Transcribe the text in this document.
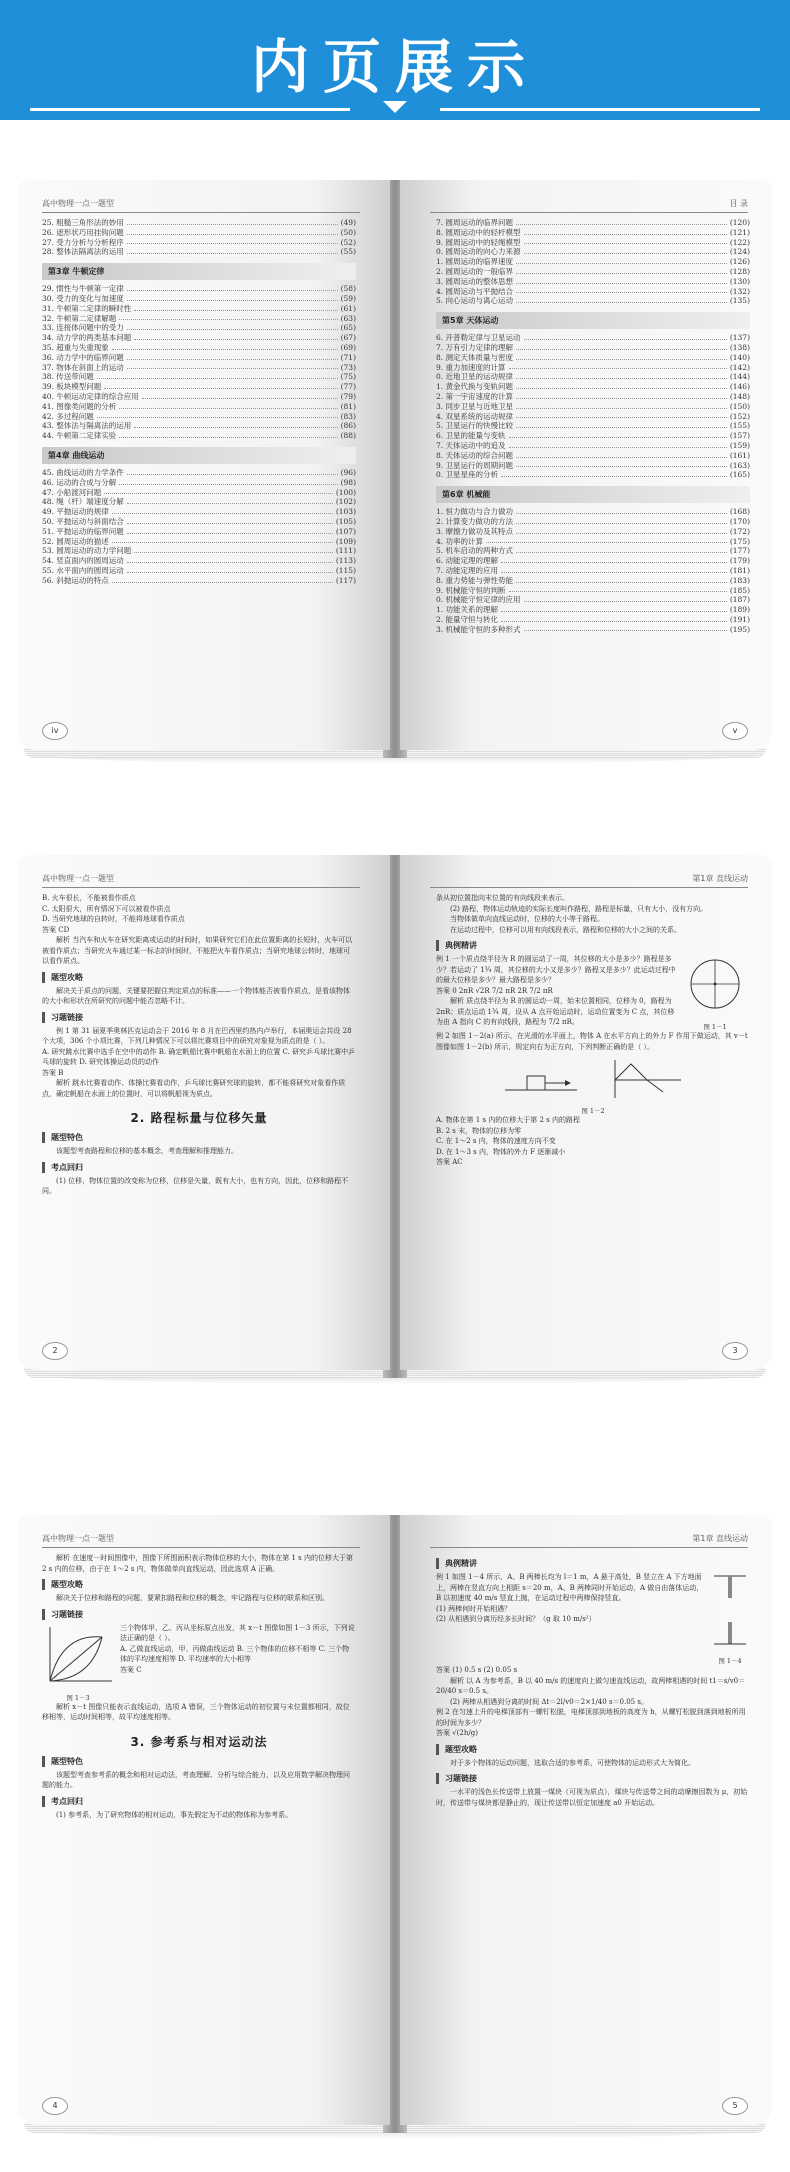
内页展示
高中物理一点一题型
25. 粗糙三角形法的妙用	(49)
26. 遮形状巧用挂钩问题	(50)
27. 受力分析与分析程序	(52)
28. 整体法隔离法的运用	(55)
第3章 牛顿定律
29. 惯性与牛顿第一定律	(58)
30. 受力的变化与加速度	(59)
31. 牛顿第二定律的瞬时性	(61)
32. 牛顿第二定律解题	(63)
33. 连接体问题中的受力	(65)
34. 动力学的两类基本问题	(67)
35. 超重与失重现象	(69)
36. 动力学中的临界问题	(71)
37. 物体在斜面上的运动	(73)
38. 传送带问题	(75)
39. 板块模型问题	(77)
40. 牛顿运动定律的综合应用	(79)
41. 图像类问题的分析	(81)
42. 多过程问题	(83)
43. 整体法与隔离法的运用	(86)
44. 牛顿第二定律实验	(88)
第4章 曲线运动
45. 曲线运动的力学条件	(96)
46. 运动的合成与分解	(98)
47. 小船渡河问题	(100)
48. 绳（杆）端速度分解	(102)
49. 平抛运动的规律	(103)
50. 平抛运动与斜面结合	(105)
51. 平抛运动的临界问题	(107)
52. 圆周运动的描述	(109)
53. 圆周运动的动力学问题	(111)
54. 竖直面内的圆周运动	(113)
55. 水平面内的圆周运动	(115)
56. 斜抛运动的特点	(117)
iv
目 录
7. 圆周运动的临界问题	(120)
8. 圆周运动中的轻杆模型	(121)
9. 圆周运动中的轻绳模型	(122)
0. 圆周运动的向心力来源	(124)
1. 圆周运动的临界速度	(126)
2. 圆周运动的一般临界	(128)
3. 圆周运动的整体思想	(130)
4. 圆周运动与平抛结合	(132)
5. 向心运动与离心运动	(135)
第5章 天体运动
6. 开普勒定律与卫星运动	(137)
7. 万有引力定律的理解	(138)
8. 测定天体质量与密度	(140)
9. 重力加速度的计算	(142)
0. 近地卫星的运动规律	(144)
1. 黄金代换与变轨问题	(146)
2. 第一宇宙速度的计算	(148)
3. 同步卫星与近地卫星	(150)
4. 双星系统的运动规律	(152)
5. 卫星运行的快慢比较	(155)
6. 卫星的能量与变轨	(157)
7. 天体运动中的追及	(159)
8. 天体运动的综合问题	(161)
9. 卫星运行的周期问题	(163)
0. 卫星星座的分析	(165)
第6章 机械能
1. 恒力做功与合力做功	(168)
2. 计算变力做功的方法	(170)
3. 摩擦力做功及其特点	(172)
4. 功率的计算	(175)
5. 机车启动的两种方式	(177)
6. 动能定理的理解	(179)
7. 动能定理的应用	(181)
8. 重力势能与弹性势能	(183)
9. 机械能守恒的判断	(185)
0. 机械能守恒定律的应用	(187)
1. 功能关系的理解	(189)
2. 能量守恒与转化	(191)
3. 机械能守恒的多种形式	(195)
v
高中物理一点一题型
B. 火车很长，不能被看作质点
C. 太阳很大，所有情况下可以被看作质点
D. 当研究地球的自转时，不能将地球看作质点
答案 CD
解析 当汽车和火车在研究距离或运动的时间时，如果研究它们在此位置距离的长短时，火车可以被看作质点；当研究火车通过某一标志的时间时，不能把火车看作质点；当研究地球公转时，地球可以看作质点。
题型攻略
解决关于质点的问题，关键要把握住判定质点的标准——一个物体能否被看作质点，是看该物体的大小和形状在所研究的问题中能否忽略不计。
习题链接
例 1 第 31 届夏季奥林匹克运动会于 2016 年 8 月在巴西里约热内卢举行，本届奥运会共设 28 个大项，306 个小项比赛，下列几种情况下可以将比赛项目中的研究对象视为质点的是（ ）。
A. 研究跳水比赛中选手在空中的动作 B. 确定帆船比赛中帆船在水面上的位置 C. 研究乒乓球比赛中乒乓球的旋转 D. 研究体操运动员的动作
答案 B
解析 跳水比赛看动作、体操比赛看动作，乒乓球比赛研究球的旋转，都不能将研究对象看作质点，确定帆船在水面上的位置时，可以将帆船视为质点。
2. 路程标量与位移矢量
题型特色
该题型考查路程和位移的基本概念，考查理解和推理能力。
考点回归
(1) 位移，物体位置的改变称为位移，位移是矢量，既有大小，也有方向，因此，位移和路程不同。
2
第1章 直线运动
条从初位置指向末位置的有向线段来表示。
(2) 路程，物体运动轨迹的实际长度叫作路程，路程是标量，只有大小，没有方向。
当物体做单向直线运动时，位移的大小等于路程。
在运动过程中，位移可以用有向线段表示，路程和位移的大小之间的关系。
典例精讲
例 1 一个质点绕半径为 R 的圆运动了一周，其位移的大小是多少？路程是多少？若运动了 1¾ 周，其位移的大小又是多少？路程又是多少？此运动过程中的最大位移是多少？最大路程是多少？
答案 0 2πR √2R 7/2 πR 2R 7/2 πR
解析 质点绕半径为 R 的圆运动一周，始末位置相同，位移为 0，路程为 2πR；质点运动 1¾ 周，设从 A 点开始运动时，运动位置变为 C 点，其位移为由 A 指向 C 的有向线段，路程为 7/2 πR。
图 1－1
例 2 如图 1－2(a) 所示，在光滑的水平面上，物体 A 在水平方向上的外力 F 作用下做运动，其 v－t 图像如图 1－2(b) 所示，规定向右为正方向，下列判断正确的是（ ）。
图 1－2
A. 物体在第 1 s 内的位移大于第 2 s 内的路程
B. 2 s 末，物体的位移为零
C. 在 1～2 s 内，物体的速度方向不变
D. 在 1～3 s 内，物体的外力 F 逐渐减小
答案 AC
3
高中物理一点一题型
解析 在速度－时间图像中，图像下所围面积表示物体位移的大小，物体在第 1 s 内的位移大于第 2 s 内的位移，由于在 1～2 s 内，物体做单向直线运动，因此选项 A 正确。
题型攻略
解决关于位移和路程的问题，要紧扣路程和位移的概念，牢记路程与位移的联系和区别。
习题链接
图 1－3
三个物体甲、乙、丙从坐标原点出发，其 x－t 图像如图 1－3 所示，下列说法正确的是（ ）。
A. 乙做直线运动，甲、丙做曲线运动 B. 三个物体的位移不相等 C. 三个物体的平均速度相等 D. 平均速率的大小相等
答案 C
解析 x－t 图像只能表示直线运动，选项 A 错误，三个物体运动的初位置与末位置都相同，故位移相等，运动时间相等，故平均速度相等。
3. 参考系与相对运动法
题型特色
该题型考查参考系的概念和相对运动法，考查理解、分析与综合能力，以及应用数学解决物理问题的能力。
考点回归
(1) 参考系，为了研究物体的相对运动，事先假定为不动的物体称为参考系。
4
第1章 直线运动
典例精讲
例 1 如图 1－4 所示，A、B 两棒长均为 l＝1 m，A 悬于高处，B 竖立在 A 下方地面上，两棒在竖直方向上相距 s＝20 m，A、B 两棒同时开始运动，A 做自由落体运动，B 以初速度 40 m/s 竖直上抛，在运动过程中两棒保持竖直。
(1) 两棒何时开始相遇？
(2) 从相遇到分离历经多长时间？（g 取 10 m/s²）
图 1－4
答案 (1) 0.5 s (2) 0.05 s
解析 以 A 为参考系，B 以 40 m/s 的速度向上做匀速直线运动，故两棒相遇的时间 t1＝s/v0＝20/40 s＝0.5 s。
(2) 两棒从相遇到分离的时间 Δt＝2l/v0＝2×1/40 s＝0.05 s。
例 2 在匀速上升的电梯顶部有一螺钉松脱，电梯顶部到地板的高度为 h，从螺钉松脱到落到地板所用的时间为多少？
答案 √(2h/g)
题型攻略
对于多个物体的运动问题，选取合适的参考系，可使物体的运动形式大为简化。
习题链接
一水平的浅色长传送带上放置一煤块（可视为质点），煤块与传送带之间的动摩擦因数为 μ，初始时，传送带与煤块都是静止的，现让传送带以恒定加速度 a0 开始运动。
5
